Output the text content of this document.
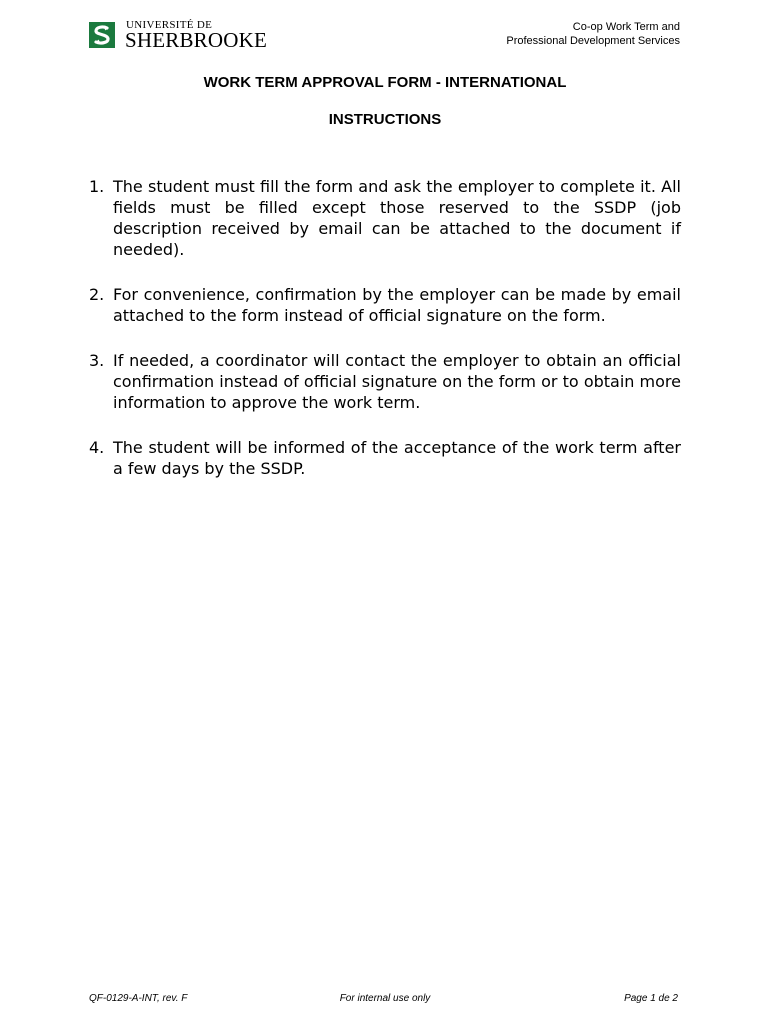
UNIVERSITÉ DE
SHERBROOKE
Co-op Work Term and
Professional Development Services
WORK TERM APPROVAL FORM - INTERNATIONAL
INSTRUCTIONS
1. The student must fill the form and ask the employer to complete it. All fields must be filled except those reserved to the SSDP (job description received by email can be attached to the document if needed).
2. For convenience, confirmation by the employer can be made by email attached to the form instead of official signature on the form.
3. If needed, a coordinator will contact the employer to obtain an official confirmation instead of official signature on the form or to obtain more information to approve the work term.
4. The student will be informed of the acceptance of the work term after a few days by the SSDP.
QF-0129-A-INT, rev. F	For internal use only	Page 1 de 2
